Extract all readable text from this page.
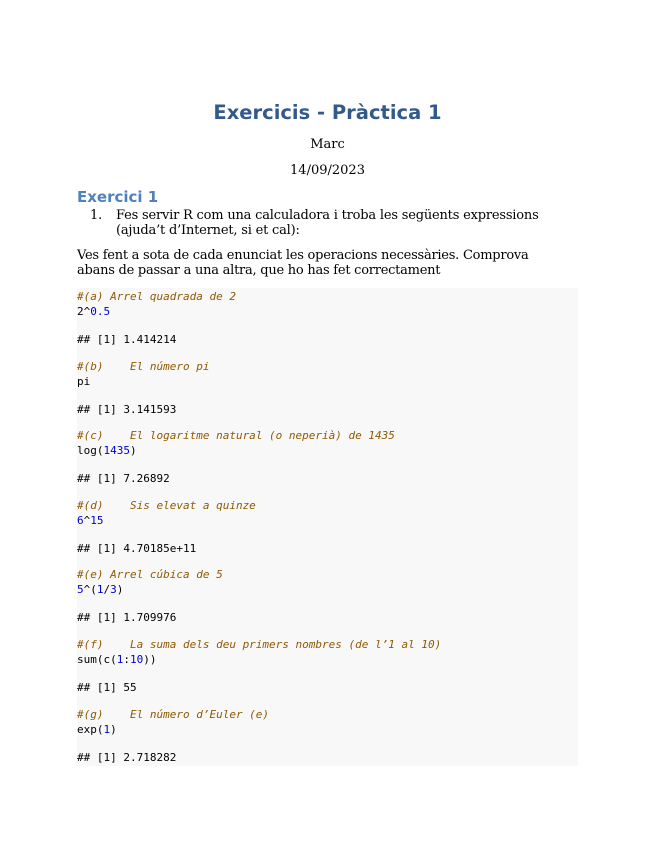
Exercicis - Pràctica 1

Marc

14/09/2023

Exercici 1
1. Fes servir R com una calculadora i troba les següents expressions
(ajuda’t d’Internet, si et cal):

Ves fent a sota de cada enunciat les operacions necessàries. Comprova
abans de passar a una altra, que ho has fet correctament

#(a) Arrel quadrada de 2

2^0.5

## [1] 1.414214

#(b)    El número pi

pi

## [1] 3.141593

#(c)    El logaritme natural (o neperià) de 1435

log(1435)

## [1] 7.26892

#(d)    Sis elevat a quinze

6^15

## [1] 4.70185e+11

#(e) Arrel cúbica de 5

5^(1/3)

## [1] 1.709976

#(f)    La suma dels deu primers nombres (de l’1 al 10)

sum(c(1:10))

## [1] 55

#(g)    El número d’Euler (e)

exp(1)

## [1] 2.718282
